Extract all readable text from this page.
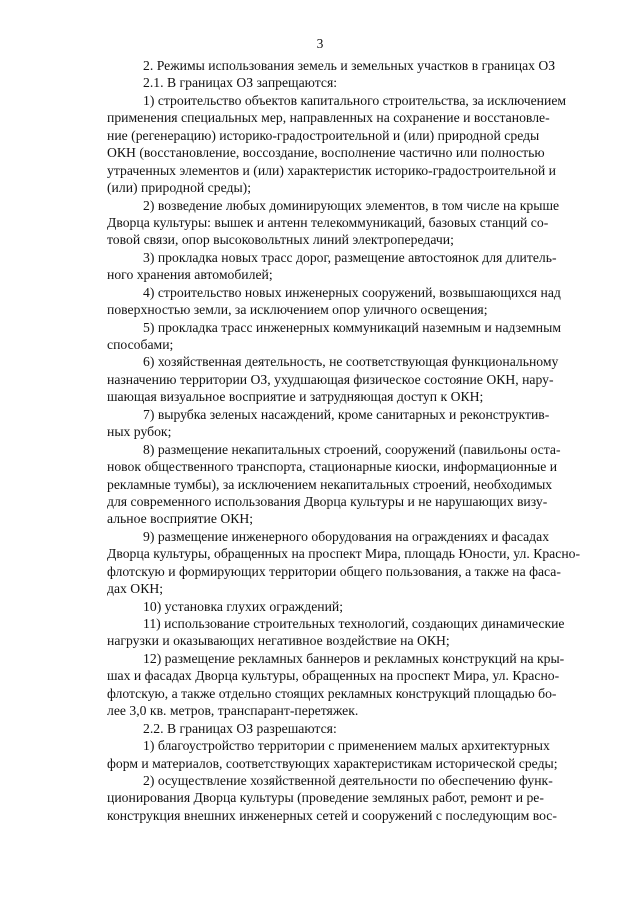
3
2. Режимы использования земель и земельных участков в границах ОЗ
2.1. В границах ОЗ запрещаются:
1) строительство объектов капитального строительства, за исключением
применения специальных мер, направленных на сохранение и восстановле-
ние (регенерацию) историко-градостроительной и (или) природной среды
ОКН (восстановление, воссоздание, восполнение частично или полностью
утраченных элементов и (или) характеристик историко-градостроительной и
(или) природной среды);
2) возведение любых доминирующих элементов, в том числе на крыше
Дворца культуры: вышек и антенн телекоммуникаций, базовых станций со-
товой связи, опор высоковольтных линий электропередачи;
3) прокладка новых трасс дорог, размещение автостоянок для длитель-
ного хранения автомобилей;
4) строительство новых инженерных сооружений, возвышающихся над
поверхностью земли, за исключением опор уличного освещения;
5) прокладка трасс инженерных коммуникаций наземным и надземным
способами;
6) хозяйственная деятельность, не соответствующая функциональному
назначению территории ОЗ, ухудшающая физическое состояние ОКН, нару-
шающая визуальное восприятие и затрудняющая доступ к ОКН;
7) вырубка зеленых насаждений, кроме санитарных и реконструктив-
ных рубок;
8) размещение некапитальных строений, сооружений (павильоны оста-
новок общественного транспорта, стационарные киоски, информационные и
рекламные тумбы), за исключением некапитальных строений, необходимых
для современного использования Дворца культуры и не нарушающих визу-
альное восприятие ОКН;
9) размещение инженерного оборудования на ограждениях и фасадах
Дворца культуры, обращенных на проспект Мира, площадь Юности, ул. Красно-
флотскую и формирующих территории общего пользования, а также на фаса-
дах ОКН;
10) установка глухих ограждений;
11) использование строительных технологий, создающих динамические
нагрузки и оказывающих негативное воздействие на ОКН;
12) размещение рекламных баннеров и рекламных конструкций на кры-
шах и фасадах Дворца культуры, обращенных на проспект Мира, ул. Красно-
флотскую, а также отдельно стоящих рекламных конструкций площадью бо-
лее 3,0 кв. метров, транспарант-перетяжек.
2.2. В границах ОЗ разрешаются:
1) благоустройство территории с применением малых архитектурных
форм и материалов, соответствующих характеристикам исторической среды;
2) осуществление хозяйственной деятельности по обеспечению функ-
ционирования Дворца культуры (проведение земляных работ, ремонт и ре-
конструкция внешних инженерных сетей и сооружений с последующим вос-
